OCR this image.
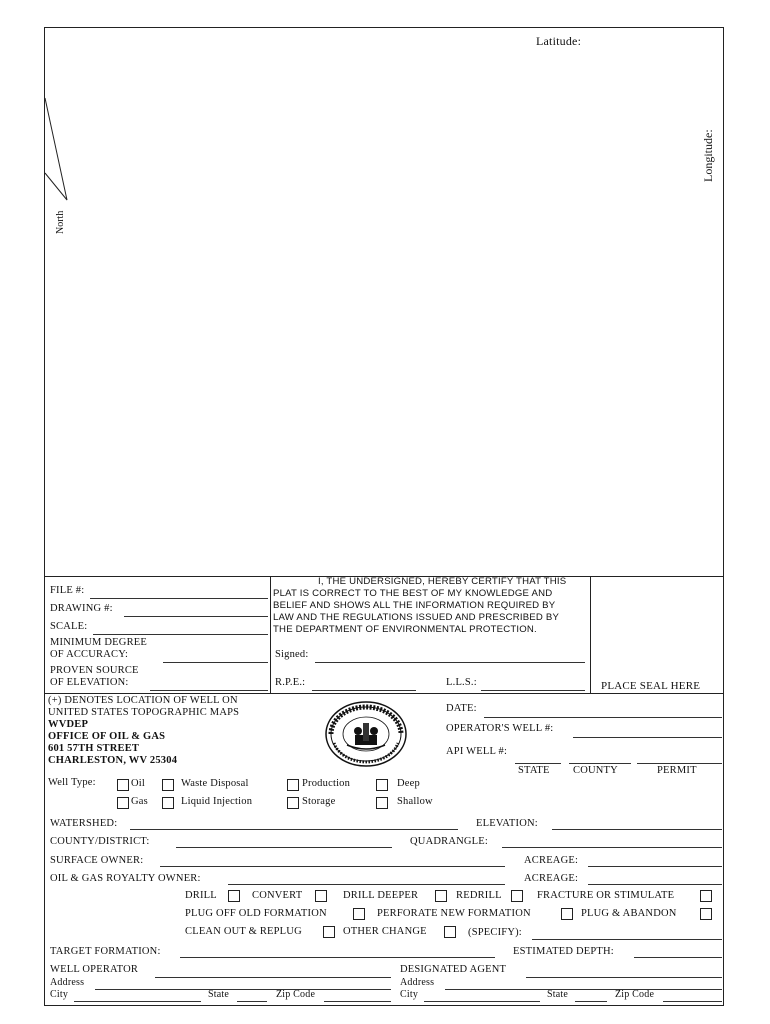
Latitude:
Longitude:
North
FILE #:
DRAWING #:
SCALE:
MINIMUM DEGREE
OF ACCURACY:
PROVEN SOURCE
OF ELEVATION:
I, THE UNDERSIGNED, HEREBY CERTIFY THAT THIS
PLAT IS CORRECT TO THE BEST OF MY KNOWLEDGE AND
BELIEF AND SHOWS ALL THE INFORMATION REQUIRED BY
LAW AND THE REGULATIONS ISSUED AND PRESCRIBED BY
THE DEPARTMENT OF ENVIRONMENTAL PROTECTION.
Signed:
R.P.E.:	L.L.S.:	PLACE SEAL HERE
(+) DENOTES LOCATION OF WELL ON
UNITED STATES TOPOGRAPHIC MAPS
WVDEP
OFFICE OF OIL & GAS
601 57TH STREET
CHARLESTON, WV 25304
DATE:
OPERATOR'S WELL #:
API WELL #:
STATE COUNTY	PERMIT
Well Type:	Oil	Waste Disposal	Production	Deep
Gas	Liquid Injection	Storage	Shallow
WATERSHED:	ELEVATION:
COUNTY/DISTRICT:	QUADRANGLE:
SURFACE OWNER:	ACREAGE:
OIL & GAS ROYALTY OWNER:	ACREAGE:
DRILL	CONVERT	DRILL DEEPER	REDRILL	FRACTURE OR STIMULATE
PLUG OFF OLD FORMATION	PERFORATE NEW FORMATION	PLUG & ABANDON
CLEAN OUT & REPLUG	OTHER CHANGE	(SPECIFY):
TARGET FORMATION:	ESTIMATED DEPTH:
WELL OPERATOR
Address
City	State	Zip Code
DESIGNATED AGENT
Address
City	State	Zip Code
